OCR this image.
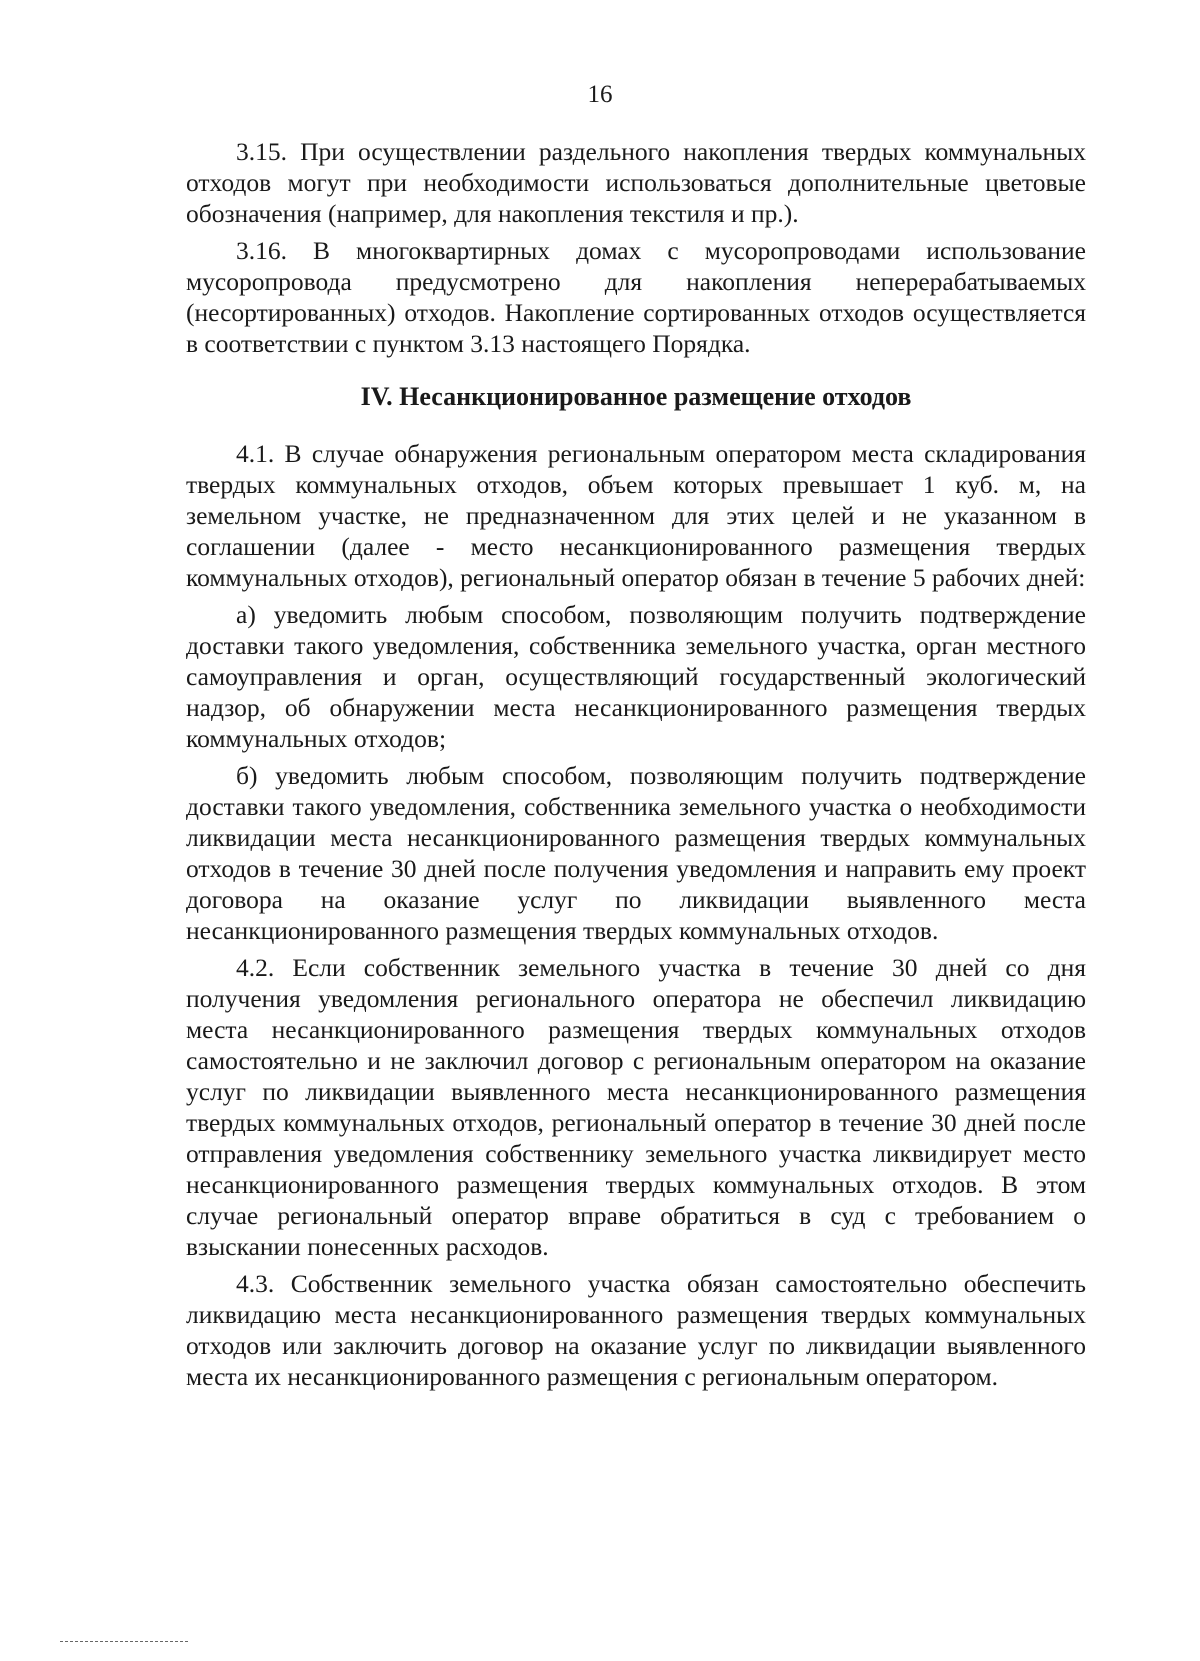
16

3.15. При осуществлении раздельного накопления твердых коммунальных отходов могут при необходимости использоваться дополнительные цветовые обозначения (например, для накопления текстиля и пр.).

3.16. В многоквартирных домах с мусоропроводами использование мусоропровода предусмотрено для накопления неперерабатываемых (несортированных) отходов. Накопление сортированных отходов осуществляется в соответствии с пунктом 3.13 настоящего Порядка.

IV. Несанкционированное размещение отходов

4.1. В случае обнаружения региональным оператором места складирования твердых коммунальных отходов, объем которых превышает 1 куб. м, на земельном участке, не предназначенном для этих целей и не указанном в соглашении (далее - место несанкционированного размещения твердых коммунальных отходов), региональный оператор обязан в течение 5 рабочих дней:

а) уведомить любым способом, позволяющим получить подтверждение доставки такого уведомления, собственника земельного участка, орган местного самоуправления и орган, осуществляющий государственный экологический надзор, об обнаружении места несанкционированного размещения твердых коммунальных отходов;

б) уведомить любым способом, позволяющим получить подтверждение доставки такого уведомления, собственника земельного участка о необходимости ликвидации места несанкционированного размещения твердых коммунальных отходов в течение 30 дней после получения уведомления и направить ему проект договора на оказание услуг по ликвидации выявленного места несанкционированного размещения твердых коммунальных отходов.

4.2. Если собственник земельного участка в течение 30 дней со дня получения уведомления регионального оператора не обеспечил ликвидацию места несанкционированного размещения твердых коммунальных отходов самостоятельно и не заключил договор с региональным оператором на оказание услуг по ликвидации выявленного места несанкционированного размещения твердых коммунальных отходов, региональный оператор в течение 30 дней после отправления уведомления собственнику земельного участка ликвидирует место несанкционированного размещения твердых коммунальных отходов. В этом случае региональный оператор вправе обратиться в суд с требованием о взыскании понесенных расходов.

4.3. Собственник земельного участка обязан самостоятельно обеспечить ликвидацию места несанкционированного размещения твердых коммунальных отходов или заключить договор на оказание услуг по ликвидации выявленного места их несанкционированного размещения с региональным оператором.
